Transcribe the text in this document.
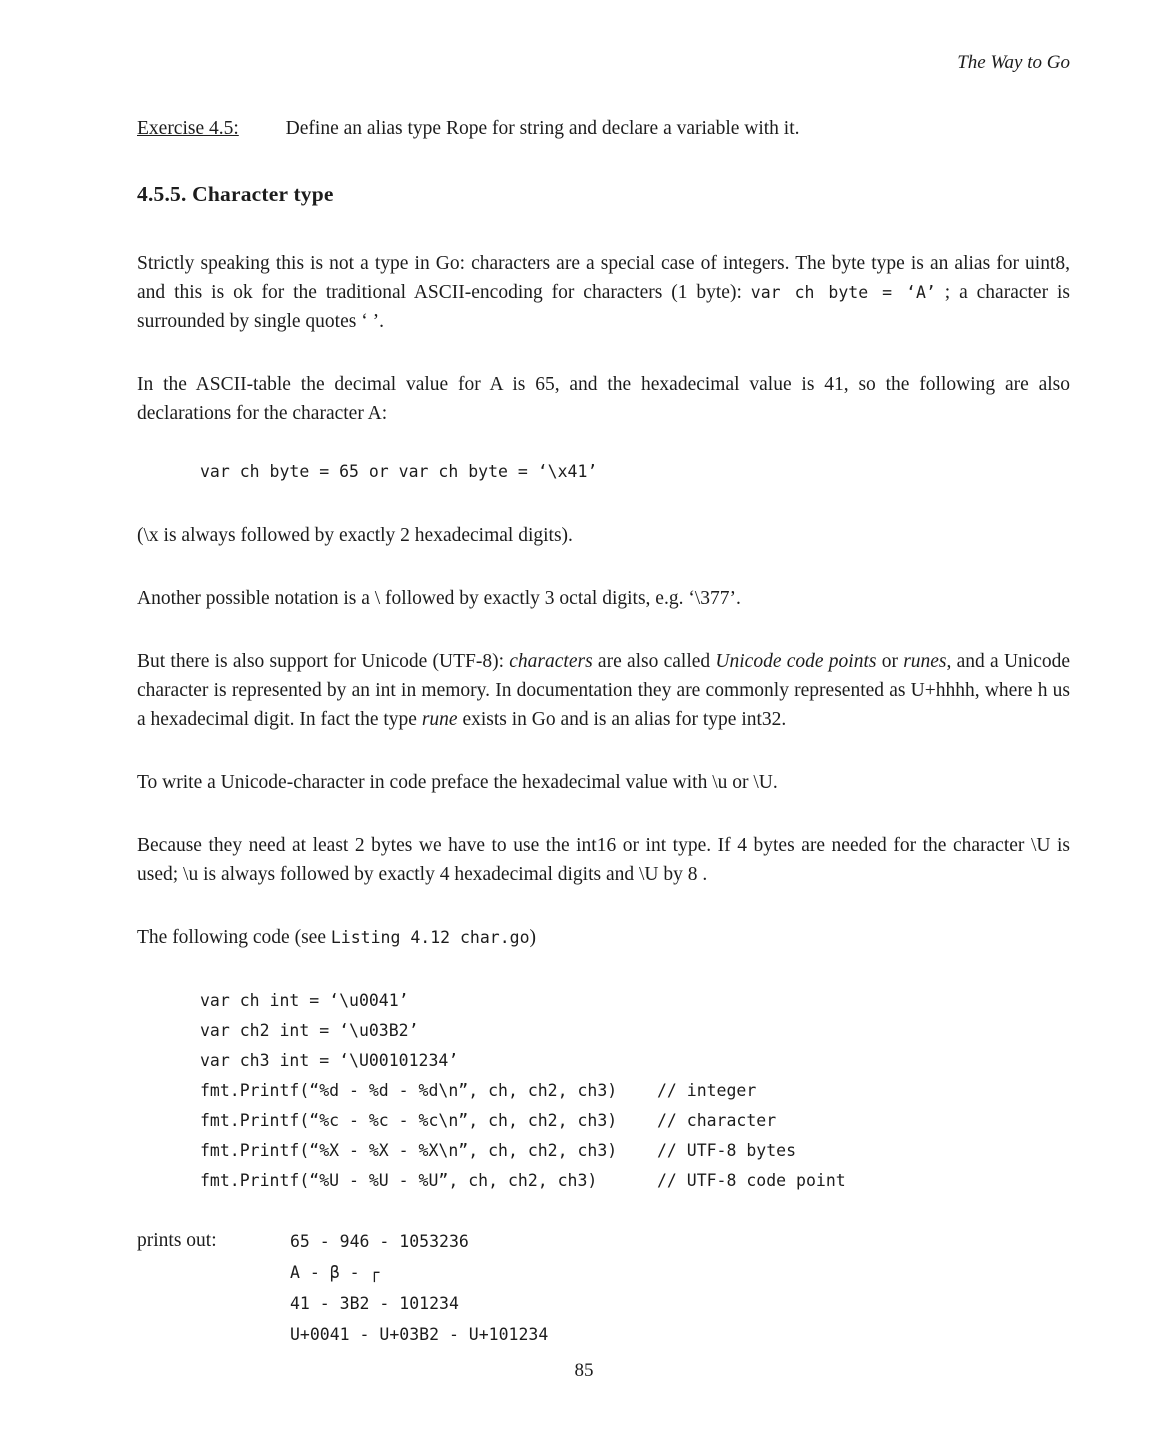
The Way to Go
Exercise 4.5: Define an alias type Rope for string and declare a variable with it.
4.5.5. Character type

Strictly speaking this is not a type in Go: characters are a special case of integers. The byte type is an alias for uint8, and this is ok for the traditional ASCII-encoding for characters (1 byte): var ch byte = ‘A’ ; a character is surrounded by single quotes ‘ ’.

In the ASCII-table the decimal value for A is 65, and the hexadecimal value is 41, so the following are also declarations for the character A:

var ch byte = 65 or var ch byte = ‘\x41’

(\x is always followed by exactly 2 hexadecimal digits).

Another possible notation is a \ followed by exactly 3 octal digits, e.g. ‘\377’.

But there is also support for Unicode (UTF-8): characters are also called Unicode code points or runes, and a Unicode character is represented by an int in memory. In documentation they are commonly represented as U+hhhh, where h us a hexadecimal digit. In fact the type rune exists in Go and is an alias for type int32.

To write a Unicode-character in code preface the hexadecimal value with \u or \U.

Because they need at least 2 bytes we have to use the int16 or int type. If 4 bytes are needed for the character \U is used; \u is always followed by exactly 4 hexadecimal digits and \U by 8 .

The following code (see Listing 4.12 char.go)

var ch int = ‘\u0041’
var ch2 int = ‘\u03B2’
var ch3 int = ‘\U00101234’
fmt.Printf(“%d - %d - %d\n”, ch, ch2, ch3)    // integer
fmt.Printf(“%c - %c - %c\n”, ch, ch2, ch3)    // character
fmt.Printf(“%X - %X - %X\n”, ch, ch2, ch3)    // UTF-8 bytes
fmt.Printf(“%U - %U - %U”, ch, ch2, ch3)      // UTF-8 code point
prints out:	65 - 946 - 1053236
A - β - ┌
41 - 3B2 - 101234
U+0041 - U+03B2 - U+101234
85
